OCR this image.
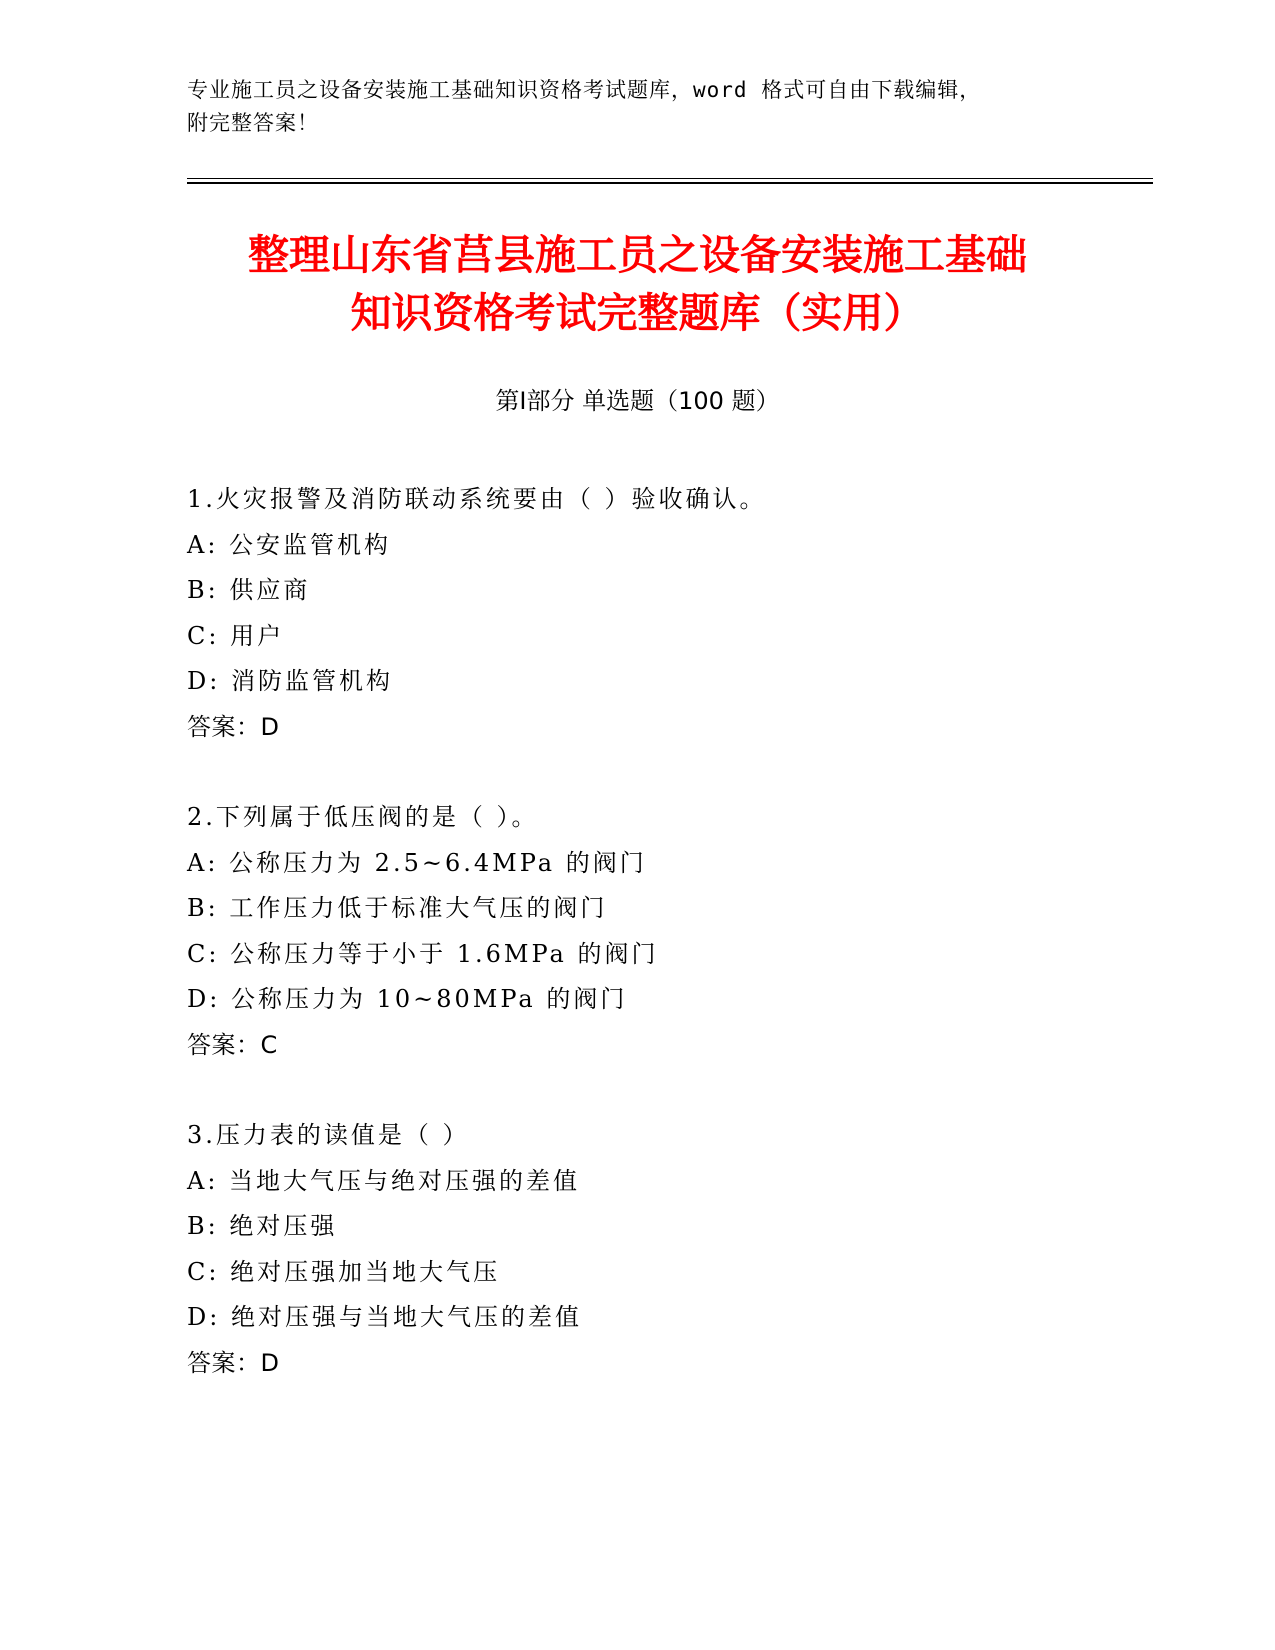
专业施工员之设备安装施工基础知识资格考试题库，word 格式可自由下载编辑，
附完整答案！
整理山东省莒县施工员之设备安装施工基础
知识资格考试完整题库（实用）
第Ⅰ部分 单选题（100 题）
1.火灾报警及消防联动系统要由（ ）验收确认。
A: 公安监管机构
B: 供应商
C: 用户
D: 消防监管机构
答案：D
2.下列属于低压阀的是（ ）。
A: 公称压力为 2.5~6.4MPa 的阀门
B: 工作压力低于标准大气压的阀门
C: 公称压力等于小于 1.6MPa 的阀门
D: 公称压力为 10~80MPa 的阀门
答案：C
3.压力表的读值是（ ）
A: 当地大气压与绝对压强的差值
B: 绝对压强
C: 绝对压强加当地大气压
D: 绝对压强与当地大气压的差值
答案：D
